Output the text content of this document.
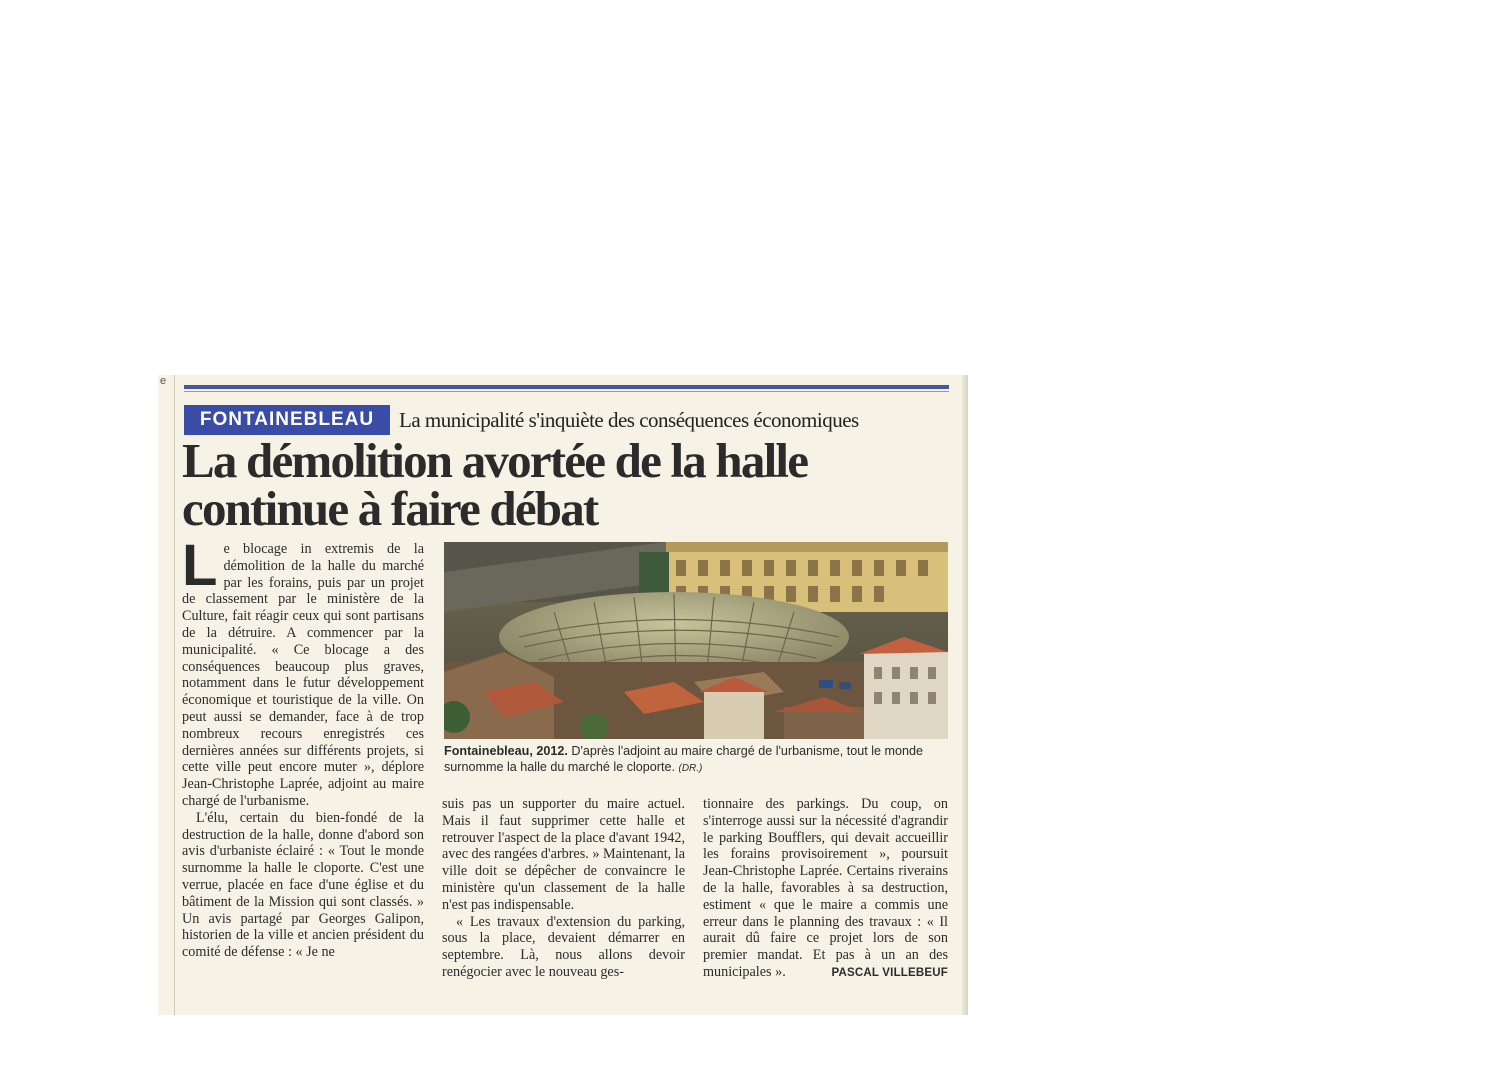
e
FONTAINEBLEAU	La municipalité s'inquiète des conséquences économiques
La démolition avortée de la halle
continue à faire débat

Le blocage in extremis de la démolition de la halle du marché par les forains, puis par un projet de classement par le ministère de la Culture, fait réagir ceux qui sont partisans de la détruire. A commencer par la municipalité. « Ce blocage a des conséquences beaucoup plus graves, notamment dans le futur développement économique et touristique de la ville. On peut aussi se demander, face à de trop nombreux recours enregistrés ces dernières années sur différents projets, si cette ville peut encore muter », déplore Jean-Christophe Laprée, adjoint au maire chargé de l'urbanisme.

L'élu, certain du bien-fondé de la destruction de la halle, donne d'abord son avis d'urbaniste éclairé : « Tout le monde surnomme la halle le cloporte. C'est une verrue, placée en face d'une église et du bâtiment de la Mission qui sont classés. » Un avis partagé par Georges Galipon, historien de la ville et ancien président du comité de défense : « Je ne

Fontainebleau, 2012. D'après l'adjoint au maire chargé de l'urbanisme, tout le monde surnomme la halle du marché le cloporte. (DR.)

suis pas un supporter du maire actuel. Mais il faut supprimer cette halle et retrouver l'aspect de la place d'avant 1942, avec des rangées d'arbres. » Maintenant, la ville doit se dépêcher de convaincre le ministère qu'un classement de la halle n'est pas indispensable.

« Les travaux d'extension du parking, sous la place, devaient démarrer en septembre. Là, nous allons devoir renégocier avec le nouveau ges-

tionnaire des parkings. Du coup, on s'interroge aussi sur la nécessité d'agrandir le parking Boufflers, qui devait accueillir les forains provisoirement », poursuit Jean-Christophe Laprée. Certains riverains de la halle, favorables à sa destruction, estiment « que le maire a commis une erreur dans le planning des travaux : « Il aurait dû faire ce projet lors de son premier mandat. Et pas à un an des municipales ».	PASCAL VILLEBEUF
